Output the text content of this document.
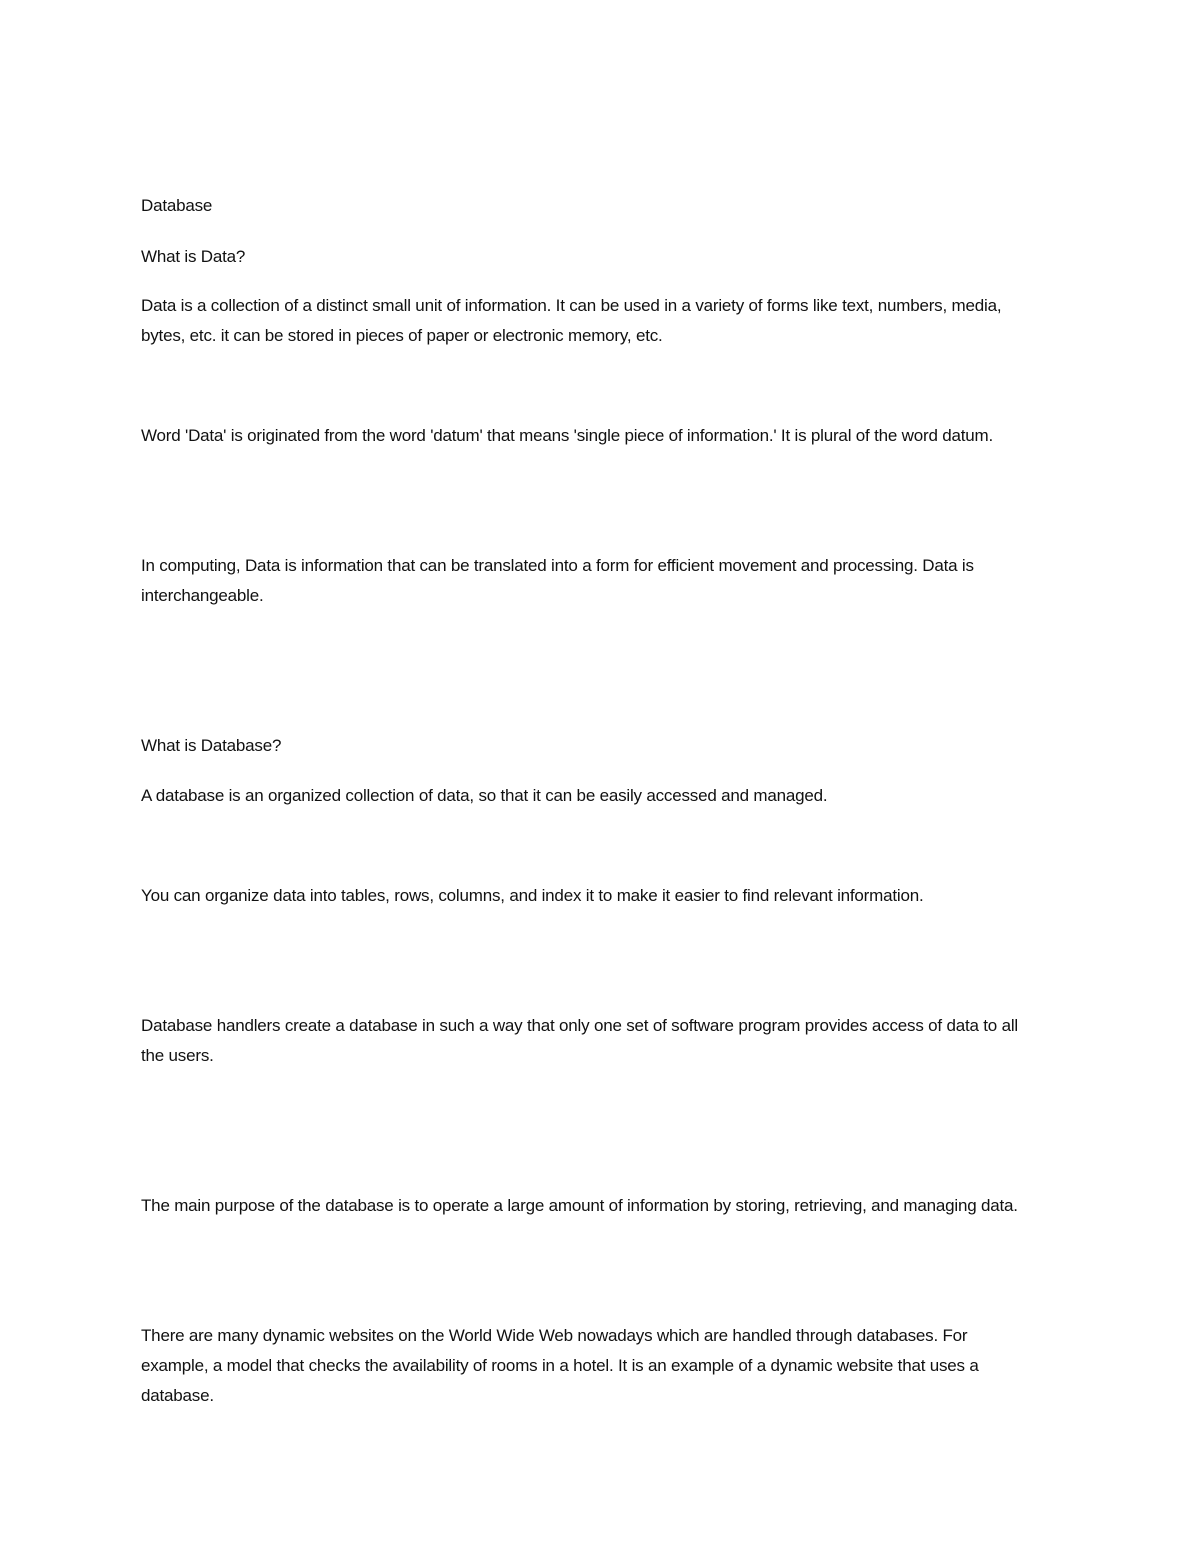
Database

What is Data?

Data is a collection of a distinct small unit of information. It can be used in a variety of forms like text, numbers, media, bytes, etc. it can be stored in pieces of paper or electronic memory, etc.

Word 'Data' is originated from the word 'datum' that means 'single piece of information.' It is plural of the word datum.

In computing, Data is information that can be translated into a form for efficient movement and processing. Data is interchangeable.

What is Database?

A database is an organized collection of data, so that it can be easily accessed and managed.

You can organize data into tables, rows, columns, and index it to make it easier to find relevant information.

Database handlers create a database in such a way that only one set of software program provides access of data to all the users.

The main purpose of the database is to operate a large amount of information by storing, retrieving, and managing data.

There are many dynamic websites on the World Wide Web nowadays which are handled through databases. For example, a model that checks the availability of rooms in a hotel. It is an example of a dynamic website that uses a database.
